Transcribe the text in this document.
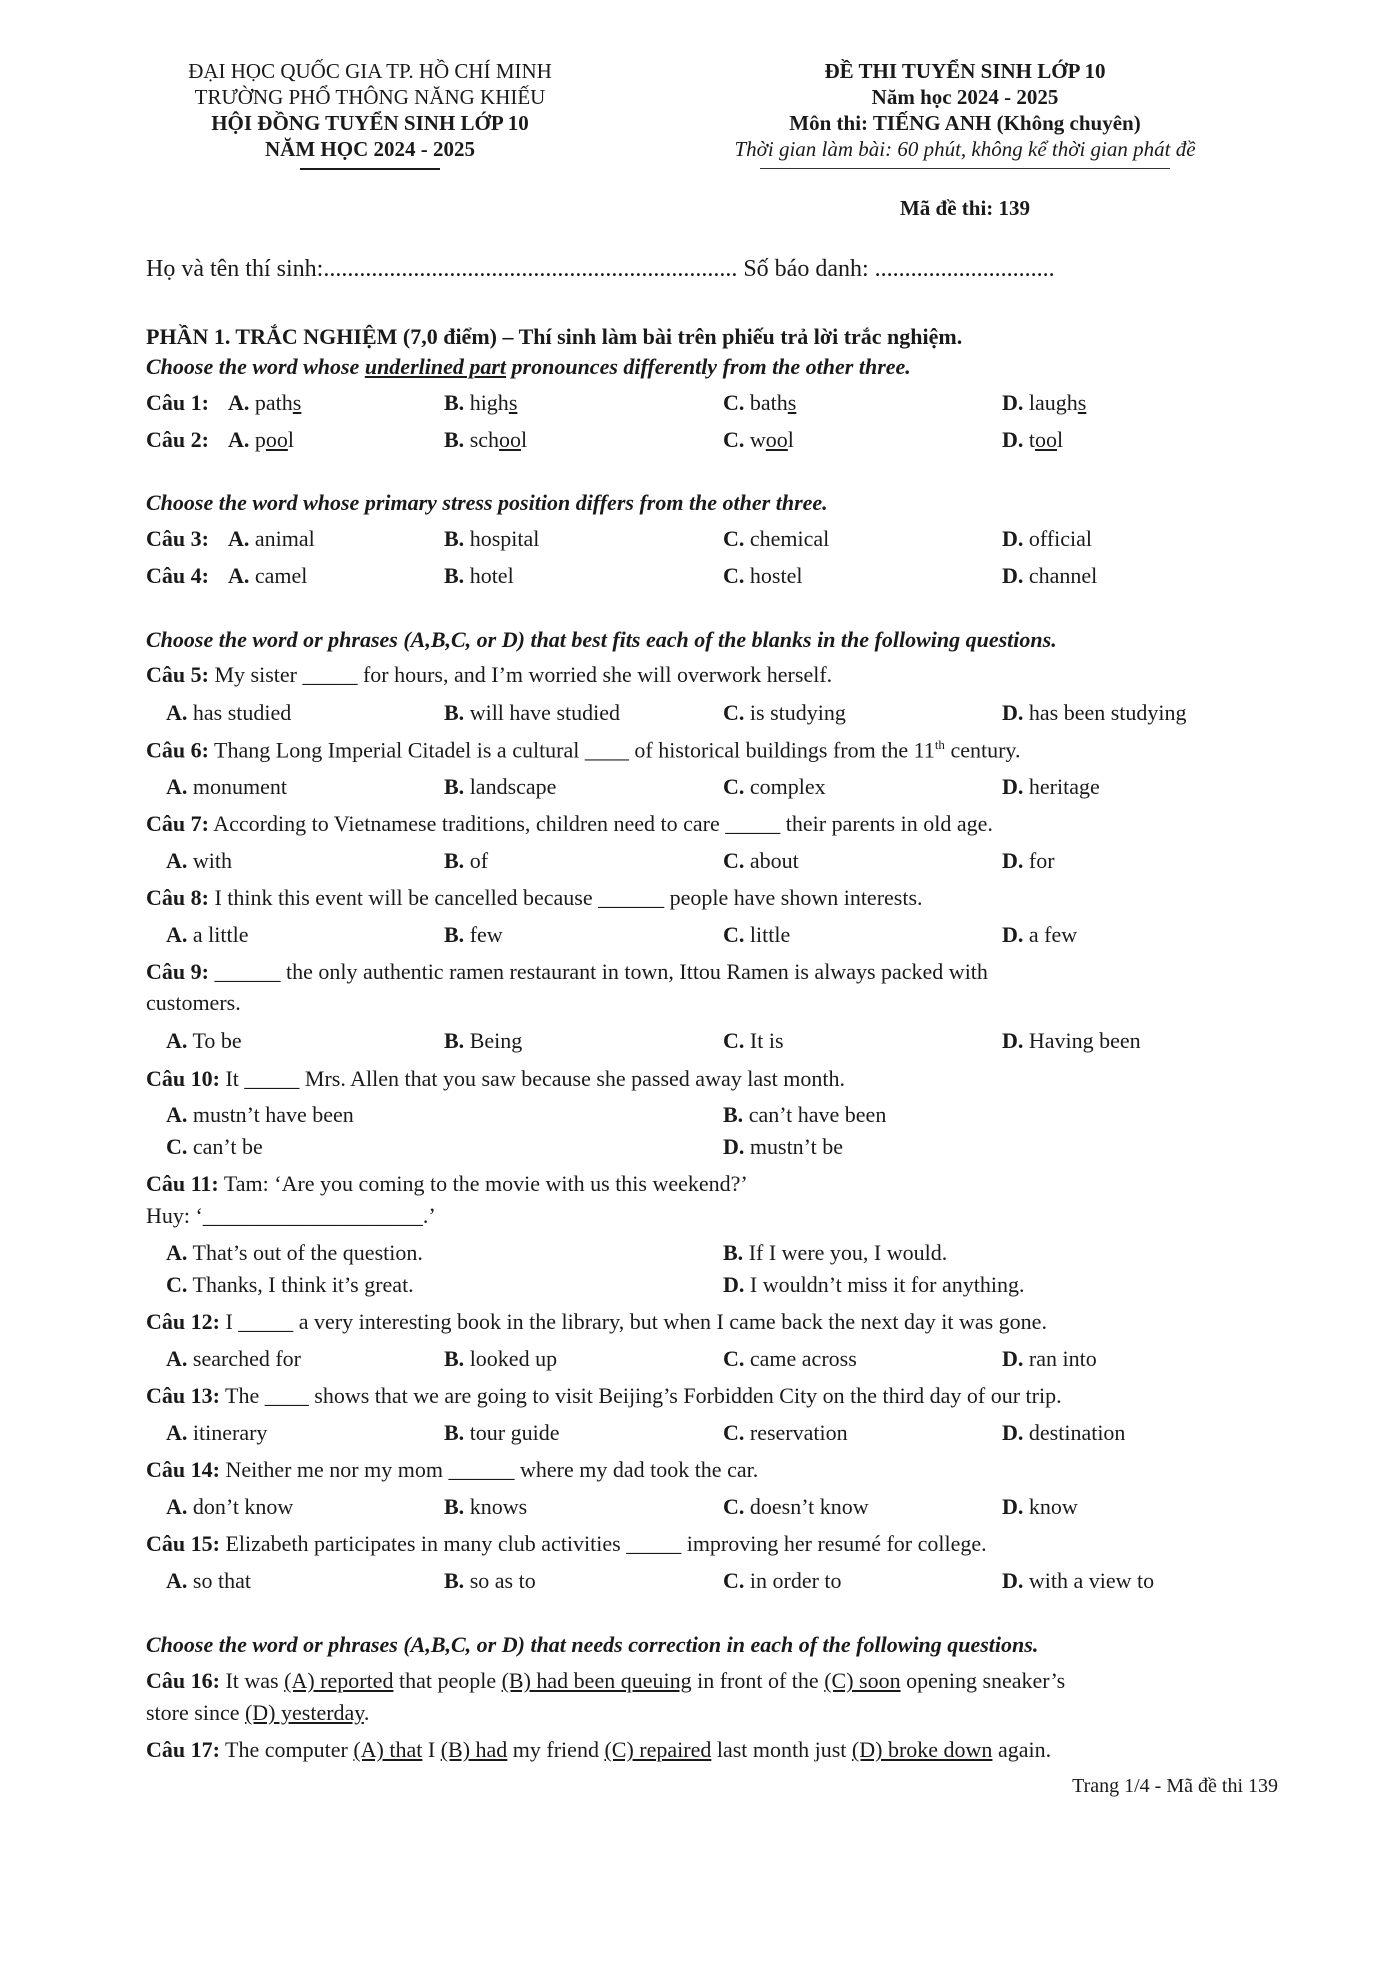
ĐẠI HỌC QUỐC GIA TP. HỒ CHÍ MINH
TRƯỜNG PHỔ THÔNG NĂNG KHIẾU
HỘI ĐỒNG TUYỂN SINH LỚP 10
NĂM HỌC 2024 - 2025
ĐỀ THI TUYỂN SINH LỚP 10
Năm học 2024 - 2025
Môn thi: TIẾNG ANH (Không chuyên)
Thời gian làm bài: 60 phút, không kể thời gian phát đề
Mã đề thi: 139
Họ và tên thí sinh:..................................................................... Số báo danh: ..............................
PHẦN 1. TRẮC NGHIỆM (7,0 điểm) – Thí sinh làm bài trên phiếu trả lời trắc nghiệm.
Choose the word whose underlined part pronounces differently from the other three.
Câu 1: A. paths	B. highs	C. baths	D. laughs
Câu 2: A. pool	B. school	C. wool	D. tool
Choose the word whose primary stress position differs from the other three.
Câu 3: A. animal	B. hospital	C. chemical	D. official
Câu 4: A. camel	B. hotel	C. hostel	D. channel
Choose the word or phrases (A,B,C, or D) that best fits each of the blanks in the following questions.
Câu 5: My sister _____ for hours, and I’m worried she will overwork herself.
A. has studied	B. will have studied	C. is studying	D. has been studying
Câu 6: Thang Long Imperial Citadel is a cultural ____ of historical buildings from the 11th century.
A. monument	B. landscape	C. complex	D. heritage
Câu 7: According to Vietnamese traditions, children need to care _____ their parents in old age.
A. with	B. of	C. about	D. for
Câu 8: I think this event will be cancelled because ______ people have shown interests.
A. a little	B. few	C. little	D. a few
Câu 9: ______ the only authentic ramen restaurant in town, Ittou Ramen is always packed with
customers.
A. To be	B. Being	C. It is	D. Having been
Câu 10: It _____ Mrs. Allen that you saw because she passed away last month.
A. mustn’t have been	B. can’t have been
C. can’t be	D. mustn’t be
Câu 11: Tam: ‘Are you coming to the movie with us this weekend?’
Huy: ‘____________________.’
A. That’s out of the question.	B. If I were you, I would.
C. Thanks, I think it’s great.	D. I wouldn’t miss it for anything.
Câu 12: I _____ a very interesting book in the library, but when I came back the next day it was gone.
A. searched for	B. looked up	C. came across	D. ran into
Câu 13: The ____ shows that we are going to visit Beijing’s Forbidden City on the third day of our trip.
A. itinerary	B. tour guide	C. reservation	D. destination
Câu 14: Neither me nor my mom ______ where my dad took the car.
A. don’t know	B. knows	C. doesn’t know	D. know
Câu 15: Elizabeth participates in many club activities _____ improving her resumé for college.
A. so that	B. so as to	C. in order to	D. with a view to
Choose the word or phrases (A,B,C, or D) that needs correction in each of the following questions.
Câu 16: It was (A) reported that people (B) had been queuing in front of the (C) soon opening sneaker’s
store since (D) yesterday.
Câu 17: The computer (A) that I (B) had my friend (C) repaired last month just (D) broke down again.
Trang 1/4 - Mã đề thi 139
